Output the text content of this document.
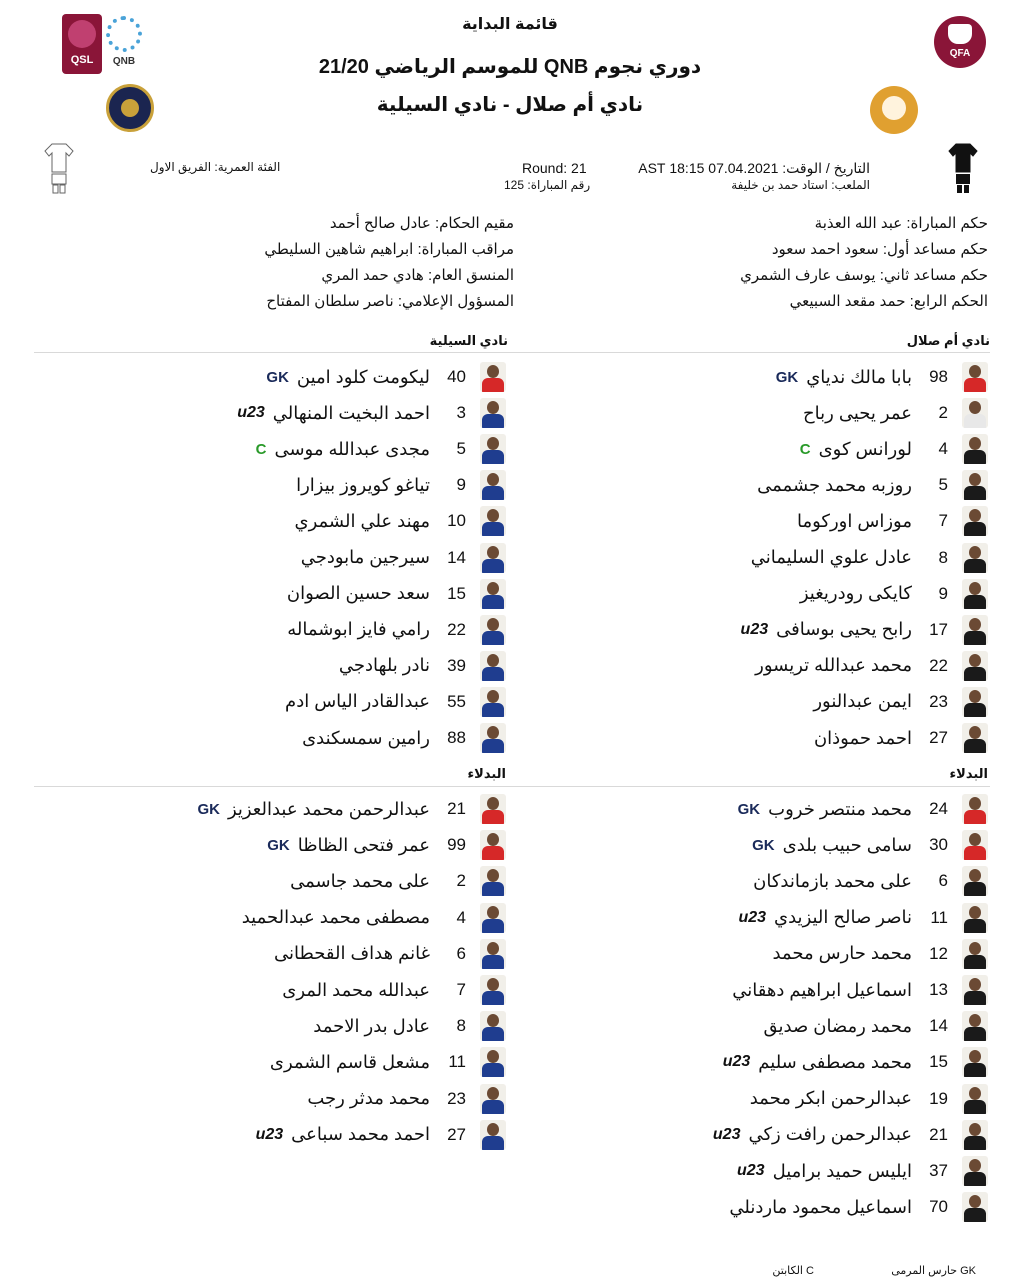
قائمة البداية
دوري نجوم QNB للموسم الرياضي 21/20
نادي أم صلال - نادي السيلية
QSL	QNB
QFA
التاريخ / الوقت: 07.04.2021 18:15 AST
الملعب: استاد حمد بن خليفة
Round: 21
رقم المباراة: 125
الفئة العمرية: الفريق الاول
حكم المباراة: عبد الله العذبة
حكم مساعد أول: سعود احمد سعود
حكم مساعد ثاني: يوسف عارف الشمري
الحكم الرابع: حمد مقعد السبيعي
مقيم الحكام: عادل صالح أحمد
مراقب المباراة: ابراهيم شاهين السليطي
المنسق العام: هادي حمد المري
المسؤول الإعلامي: ناصر سلطان المفتاح
نادي أم صلال
نادي السيلية
98
بابا مالك ندياي
GK
2
عمر يحيى رباح
4
لورانس كوى
C
5
روزبه محمد جشممى
7
موزاس اوركوما
8
عادل علوي السليماني
9
كايكى رودريغيز
17
رابح يحيى بوسافى
u23
22
محمد عبدالله تريسور
23
ايمن عبدالنور
27
احمد حموذان
40
ليكومت كلود امين
GK
3
احمد البخيت المنهالي
u23
5
مجدى عبدالله موسى
C
9
تياغو كويروز بيزارا
10
مهند علي الشمري
14
سيرجين مابودجي
15
سعد حسين الصوان
22
رامي فايز ابوشماله
39
نادر بلهادجي
55
عبدالقادر الياس ادم
88
رامين سمسكندى
البدلاء
البدلاء
24
محمد منتصر خروب
GK
30
سامى حبيب بلدى
GK
6
على محمد بازماندكان
11
ناصر صالح اليزيدي
u23
12
محمد حارس محمد
13
اسماعيل ابراهيم دهقاني
14
محمد رمضان صديق
15
محمد مصطفى سليم
u23
19
عبدالرحمن ابكر محمد
21
عبدالرحمن رافت زكي
u23
37
ايليس حميد براميل
u23
70
اسماعيل محمود ماردنلي
21
عبدالرحمن محمد عبدالعزيز
GK
99
عمر فتحى الظاظا
GK
2
على محمد جاسمى
4
مصطفى محمد عبدالحميد
6
غانم هداف القحطانى
7
عبدالله محمد المرى
8
عادل بدر الاحمد
11
مشعل قاسم الشمرى
23
محمد مدثر رجب
27
احمد محمد سباعى
u23
GK حارس المرمى
C الكابتن
